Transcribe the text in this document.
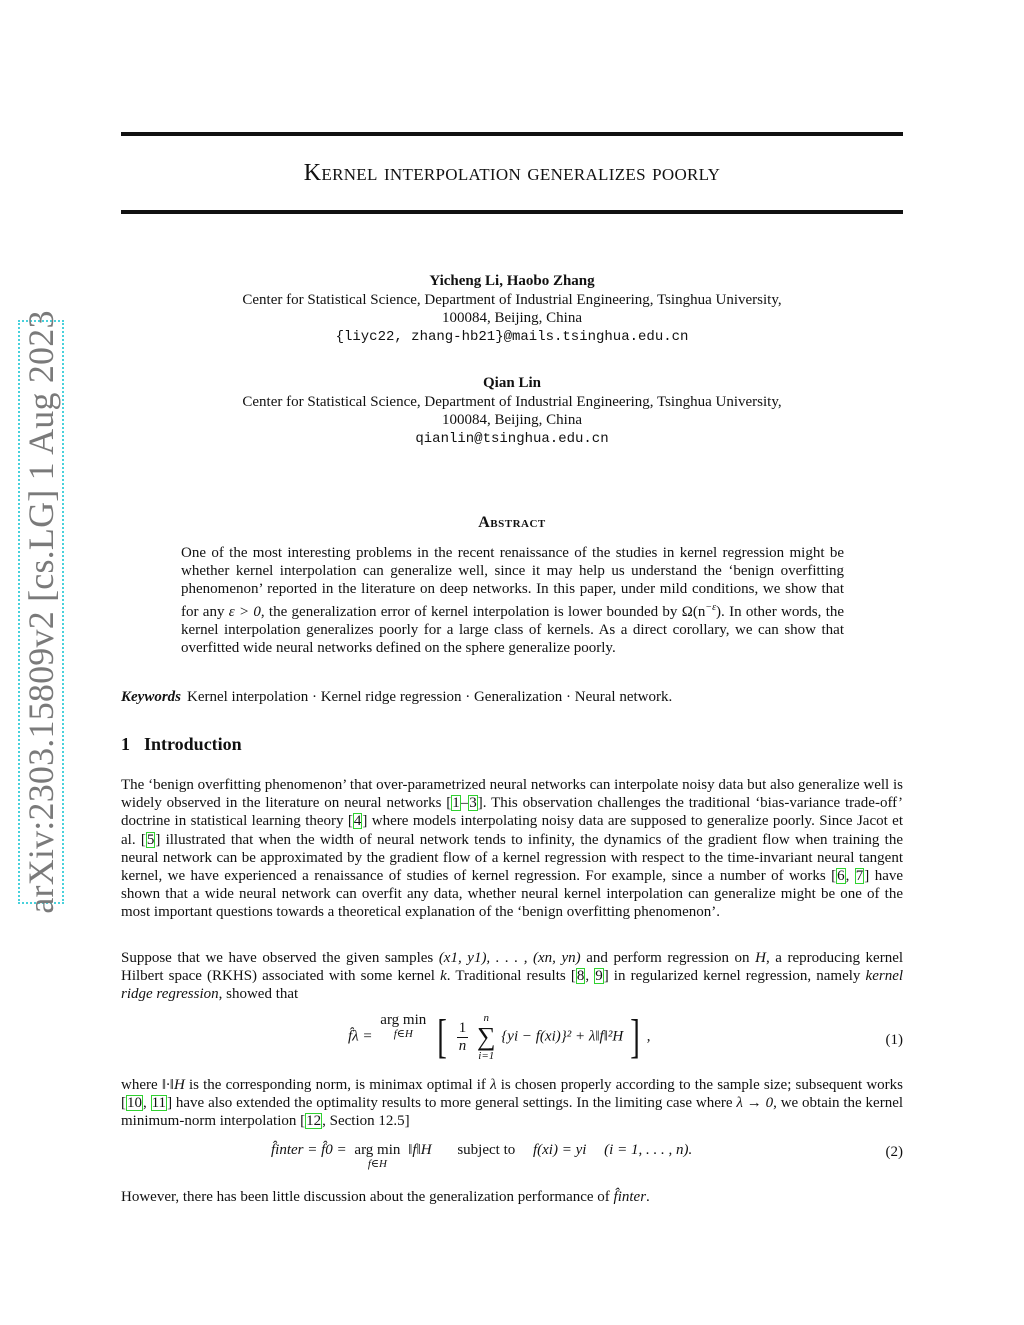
arXiv:2303.15809v2 [cs.LG] 1 Aug 2023
Kernel interpolation generalizes poorly
Yicheng Li, Haobo Zhang
Center for Statistical Science, Department of Industrial Engineering, Tsinghua University,
100084, Beijing, China
{liyc22, zhang-hb21}@mails.tsinghua.edu.cn
Qian Lin
Center for Statistical Science, Department of Industrial Engineering, Tsinghua University,
100084, Beijing, China
qianlin@tsinghua.edu.cn
Abstract
One of the most interesting problems in the recent renaissance of the studies in kernel regression might be whether kernel interpolation can generalize well, since it may help us understand the ‘benign overfitting phenomenon’ reported in the literature on deep networks. In this paper, under mild conditions, we show that for any ε > 0, the generalization error of kernel interpolation is lower bounded by $\Omega(n^{-\varepsilon})$. In other words, the kernel interpolation generalizes poorly for a large class of kernels. As a direct corollary, we can show that overfitted wide neural networks defined on the sphere generalize poorly.
Keywords Kernel interpolation · Kernel ridge regression · Generalization · Neural network.
1 Introduction
The ‘benign overfitting phenomenon’ that over-parametrized neural networks can interpolate noisy data but also generalize well is widely observed in the literature on neural networks [1–3]. This observation challenges the traditional ‘bias-variance trade-off’ doctrine in statistical learning theory [4] where models interpolating noisy data are supposed to generalize poorly. Since Jacot et al. [5] illustrated that when the width of neural network tends to infinity, the dynamics of the gradient flow when training the neural network can be approximated by the gradient flow of a kernel regression with respect to the time-invariant neural tangent kernel, we have experienced a renaissance of studies of kernel regression. For example, since a number of works [6, 7] have shown that a wide neural network can overfit any data, whether neural kernel interpolation can generalize might be one of the most important questions towards a theoretical explanation of the ‘benign overfitting phenomenon’.
Suppose that we have observed the given samples (x1, y1), . . . , (xn, yn) and perform regression on H, a reproducing kernel Hilbert space (RKHS) associated with some kernel k. Traditional results [8, 9] in regularized kernel regression, namely kernel ridge regression, showed that
f̂λ = arg min
f∈H [ $\frac{1}{n}$

n
∑
i=1
{yi − f(xi)}² + λ‖f‖²H ] ,	(1)
where ‖·‖H is the corresponding norm, is minimax optimal if λ is chosen properly according to the sample size; subsequent works [10, 11] have also extended the optimality results to more general settings. In the limiting case where λ → 0, we obtain the kernel minimum-norm interpolation [12, Section 12.5]
f̂inter = f̂0 = arg min
f∈H
‖f‖H subject to f(xi) = yi (i = 1, . . . , n).	(2)
However, there has been little discussion about the generalization performance of f̂inter.
